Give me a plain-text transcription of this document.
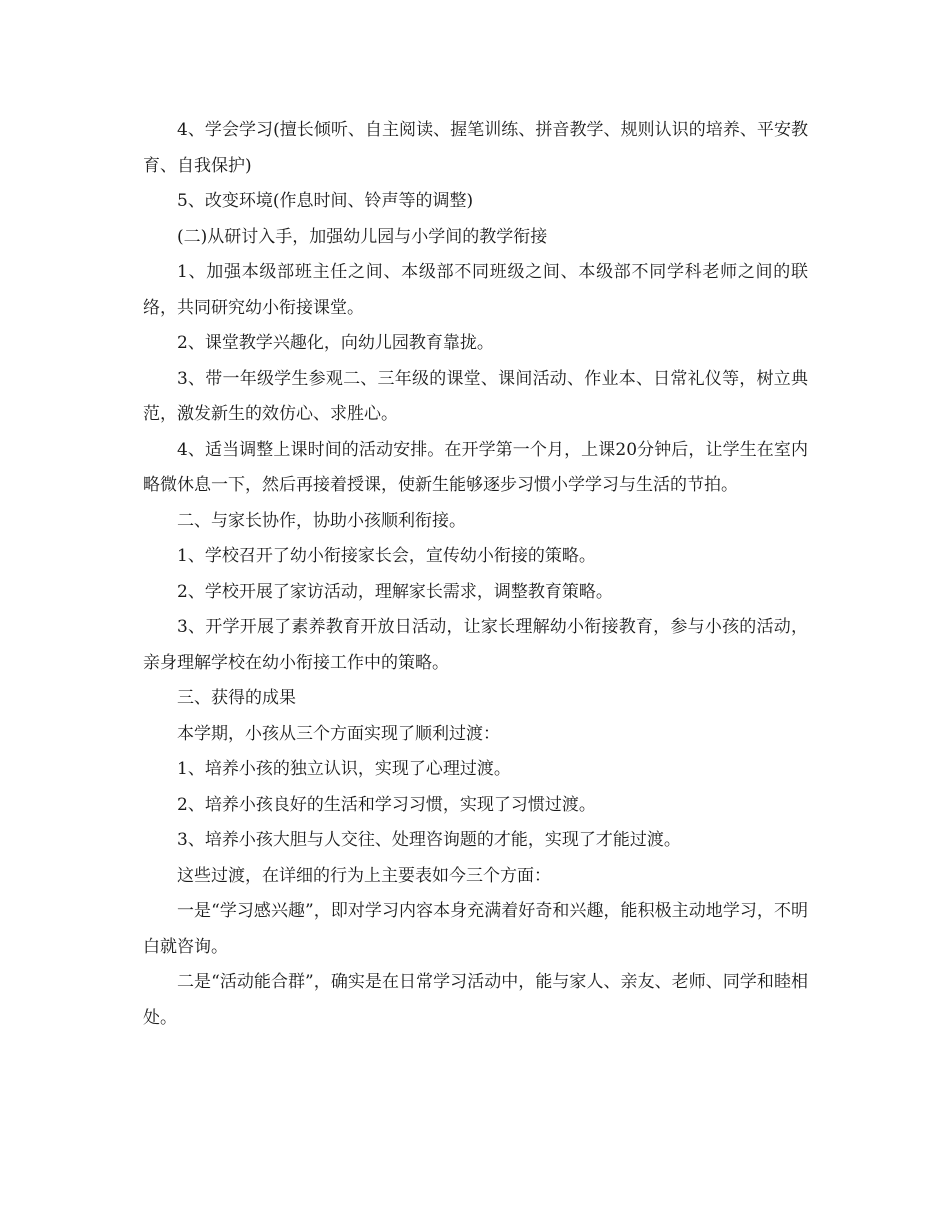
4、学会学习(擅长倾听、自主阅读、握笔训练、拼音教学、规则认识的培养、平安教育、自我保护)

5、改变环境(作息时间、铃声等的调整)

(二)从研讨入手，加强幼儿园与小学间的教学衔接

1、加强本级部班主任之间、本级部不同班级之间、本级部不同学科老师之间的联络，共同研究幼小衔接课堂。

2、课堂教学兴趣化，向幼儿园教育靠拢。

3、带一年级学生参观二、三年级的课堂、课间活动、作业本、日常礼仪等，树立典范，激发新生的效仿心、求胜心。

4、适当调整上课时间的活动安排。在开学第一个月，上课20分钟后，让学生在室内略微休息一下，然后再接着授课，使新生能够逐步习惯小学学习与生活的节拍。

二、与家长协作，协助小孩顺利衔接。

1、学校召开了幼小衔接家长会，宣传幼小衔接的策略。

2、学校开展了家访活动，理解家长需求，调整教育策略。

3、开学开展了素养教育开放日活动，让家长理解幼小衔接教育，参与小孩的活动，亲身理解学校在幼小衔接工作中的策略。

三、获得的成果

本学期，小孩从三个方面实现了顺利过渡：

1、培养小孩的独立认识，实现了心理过渡。

2、培养小孩良好的生活和学习习惯，实现了习惯过渡。

3、培养小孩大胆与人交往、处理咨询题的才能，实现了才能过渡。

这些过渡，在详细的行为上主要表如今三个方面：

一是“学习感兴趣”，即对学习内容本身充满着好奇和兴趣，能积极主动地学习，不明白就咨询。

二是“活动能合群”，确实是在日常学习活动中，能与家人、亲友、老师、同学和睦相处。
